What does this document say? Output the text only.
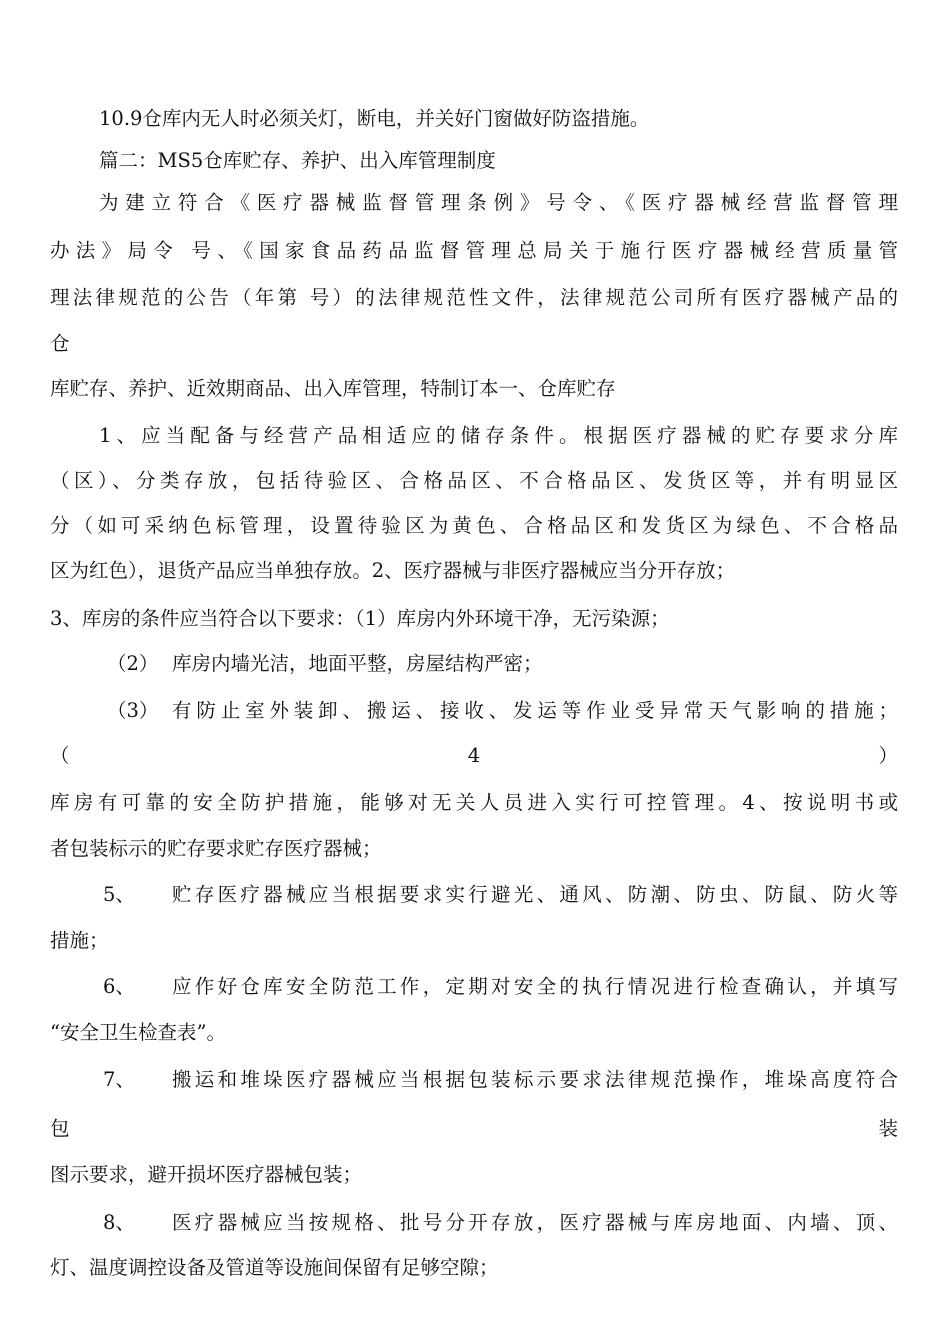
10.9仓库内无人时必须关灯，断电，并关好门窗做好防盗措施。
篇二：MS5仓库贮存、养护、出入库管理制度
为建立符合《医疗器械监督管理条例》号令、《医疗器械经营监督管理
办法》局令 号、《国家食品药品监督管理总局关于施行医疗器械经营质量管
理法律规范的公告（年第 号）的法律规范性文件，法律规范公司所有医疗器械产品的
仓
库贮存、养护、近效期商品、出入库管理，特制订本一、仓库贮存
1、应当配备与经营产品相适应的储存条件。根据医疗器械的贮存要求分库
（区）、分类存放，包括待验区、合格品区、不合格品区、发货区等，并有明显区
分（如可采纳色标管理，设置待验区为黄色、合格品区和发货区为绿色、不合格品
区为红色），退货产品应当单独存放。2、医疗器械与非医疗器械应当分开存放；
3、库房的条件应当符合以下要求：（1）库房内外环境干净，无污染源；
（2） 库房内墙光洁，地面平整，房屋结构严密；
（3） 有防止室外装卸、搬运、接收、发运等作业受异常天气影响的措施；
（	4	）
库房有可靠的安全防护措施，能够对无关人员进入实行可控管理。4、按说明书或
者包装标示的贮存要求贮存医疗器械；
5、 贮存医疗器械应当根据要求实行避光、通风、防潮、防虫、防鼠、防火等
措施；
6、 应作好仓库安全防范工作，定期对安全的执行情况进行检查确认，并填写
“安全卫生检查表”。
7、 搬运和堆垛医疗器械应当根据包装标示要求法律规范操作，堆垛高度符合
包	装
图示要求，避开损坏医疗器械包装；
8、 医疗器械应当按规格、批号分开存放，医疗器械与库房地面、内墙、顶、
灯、温度调控设备及管道等设施间保留有足够空隙；
